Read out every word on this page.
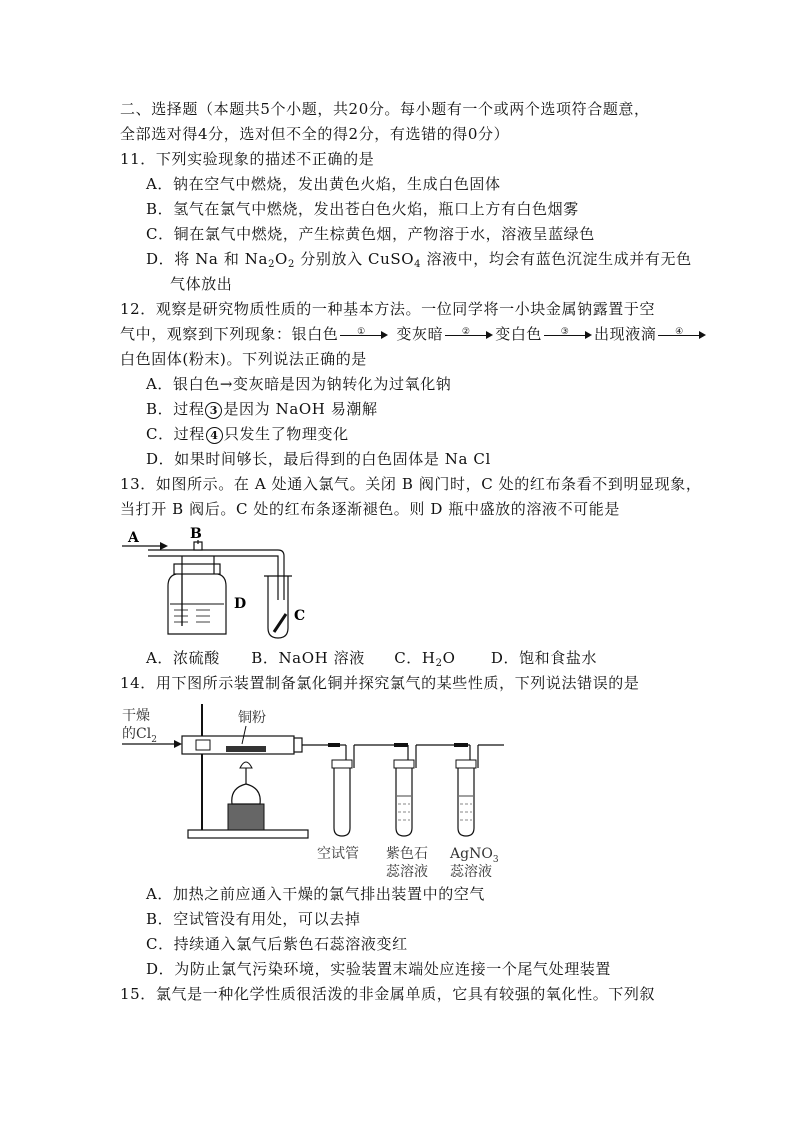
二、选择题（本题共5个小题，共20分。每小题有一个或两个选项符合题意，
全部选对得4分，选对但不全的得2分，有选错的得0分）
11．下列实验现象的描述不正确的是
A．钠在空气中燃烧，发出黄色火焰，生成白色固体
B．氢气在氯气中燃烧，发出苍白色火焰，瓶口上方有白色烟雾
C．铜在氯气中燃烧，产生棕黄色烟，产物溶于水，溶液呈蓝绿色
D．将 Na 和 $Na_2O_2$ 分别放入 CuSO$_4$ 溶液中，均会有蓝色沉淀生成并有无色
气体放出
12．观察是研究物质性质的一种基本方法。一位同学将一小块金属钠露置于空
气中，观察到下列现象：银白色 ① 变灰暗 ② 变白色 ③ 出现液滴 ④
白色固体(粉末)。下列说法正确的是
A．银白色→变灰暗是因为钠转化为过氧化钠
B．过程 3 是因为 NaOH 易潮解
C．过程 4 只发生了物理变化
D．如果时间够长，最后得到的白色固体是 Na Cl
13．如图所示。在 A 处通入氯气。关闭 B 阀门时，C 处的红布条看不到明显现象，
当打开 B 阀后。C 处的红布条逐渐褪色。则 D 瓶中盛放的溶液不可能是
A	B
D
C
A．浓硫酸 B．NaOH 溶液 C．$H_2O$ D．饱和食盐水
14．用下图所示装置制备氯化铜并探究氯气的某些性质，下列说法错误的是
干燥
的$Cl_2$
铜粉
空试管 紫色石
蕊溶液
AgNO$_3$
蕊溶液
A．加热之前应通入干燥的氯气排出装置中的空气
B．空试管没有用处，可以去掉
C．持续通入氯气后紫色石蕊溶液变红
D．为防止氯气污染环境，实验装置末端处应连接一个尾气处理装置
15．氯气是一种化学性质很活泼的非金属单质，它具有较强的氧化性。下列叙
